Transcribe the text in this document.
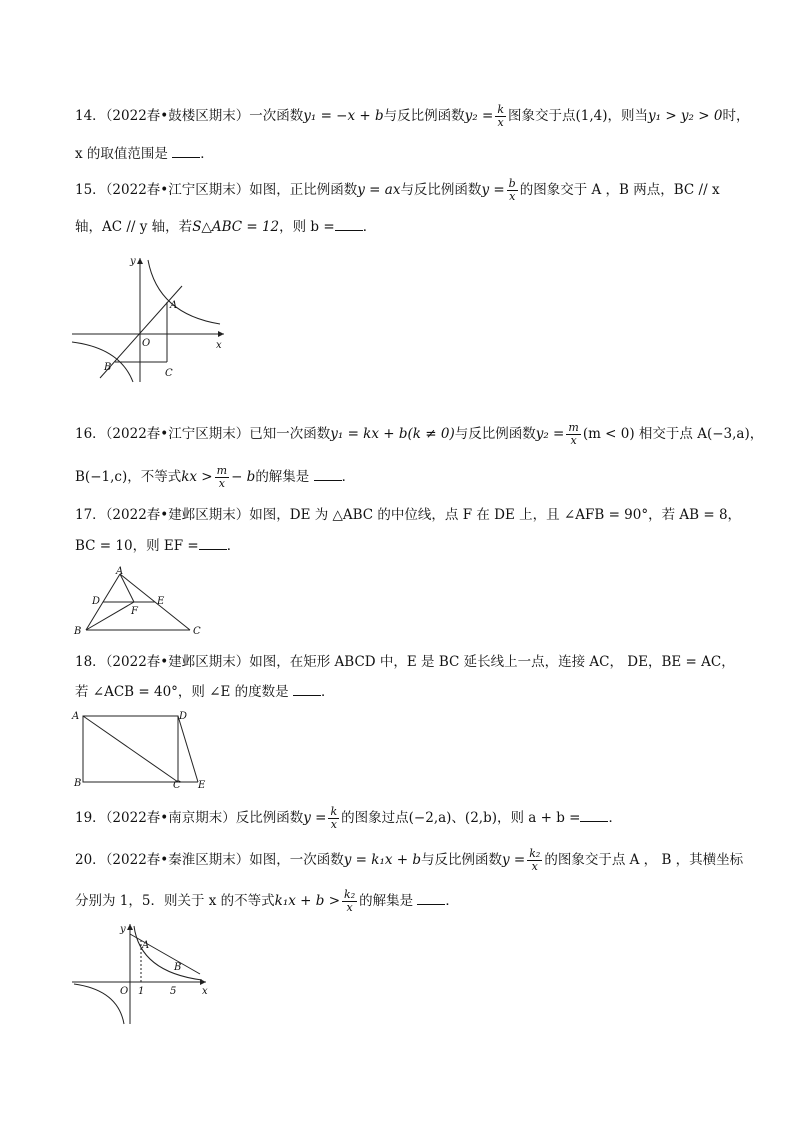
14．（2022春•鼓楼区期末）一次函数y₁ = −x + b与反比例函数$y_2 = \frac{k}{x}$ 图象交于点(1,4)，则当y₁ > y₂ > 0时，
x 的取值范围是 ．
15．（2022春•江宁区期末）如图，正比例函数y = ax与反比例函数$y = \frac{b}{x}$ 的图象交于 A ，B 两点，BC // x
轴，AC // y 轴，若S△ABC = 12，则 b = ．
y
A
O	x
B
C
16．（2022春•江宁区期末）已知一次函数y₁ = kx + b(k ≠ 0)与反比例函数$y_2 = \frac{m}{x} (m < 0)$ 相交于点 A(−3,a)，
B(−1,c)，不等式kx > $\frac{m}{x} - b$的解集是 ．
17．（2022春•建邺区期末）如图，DE 为 △ABC 的中位线，点 F 在 DE 上，且 ∠AFB = 90°，若 AB = 8，
BC = 10，则 EF = ．
A
D	E
F
B	C
18．（2022春•建邺区期末）如图，在矩形 ABCD 中，E 是 BC 延长线上一点，连接 AC， DE，BE = AC，
若 ∠ACB = 40°，则 ∠E 的度数是 ．
A	D
B	C E
19．（2022春•南京期末）反比例函数$y = \frac{k}{x}$ 的图象过点(−2,a)、(2,b)，则 a + b = ．
20．（2022春•秦淮区期末）如图，一次函数y = k₁x + b与反比例函数$y = \frac{\text{k₂}}{x}$ 的图象交于点 A ， B ，其横坐标
分别为 1，5．则关于 x 的不等式$k_1x + b > \frac{\text{k₂}}{x}$ 的解集是 ．
y
A
B
O 1	5	x
